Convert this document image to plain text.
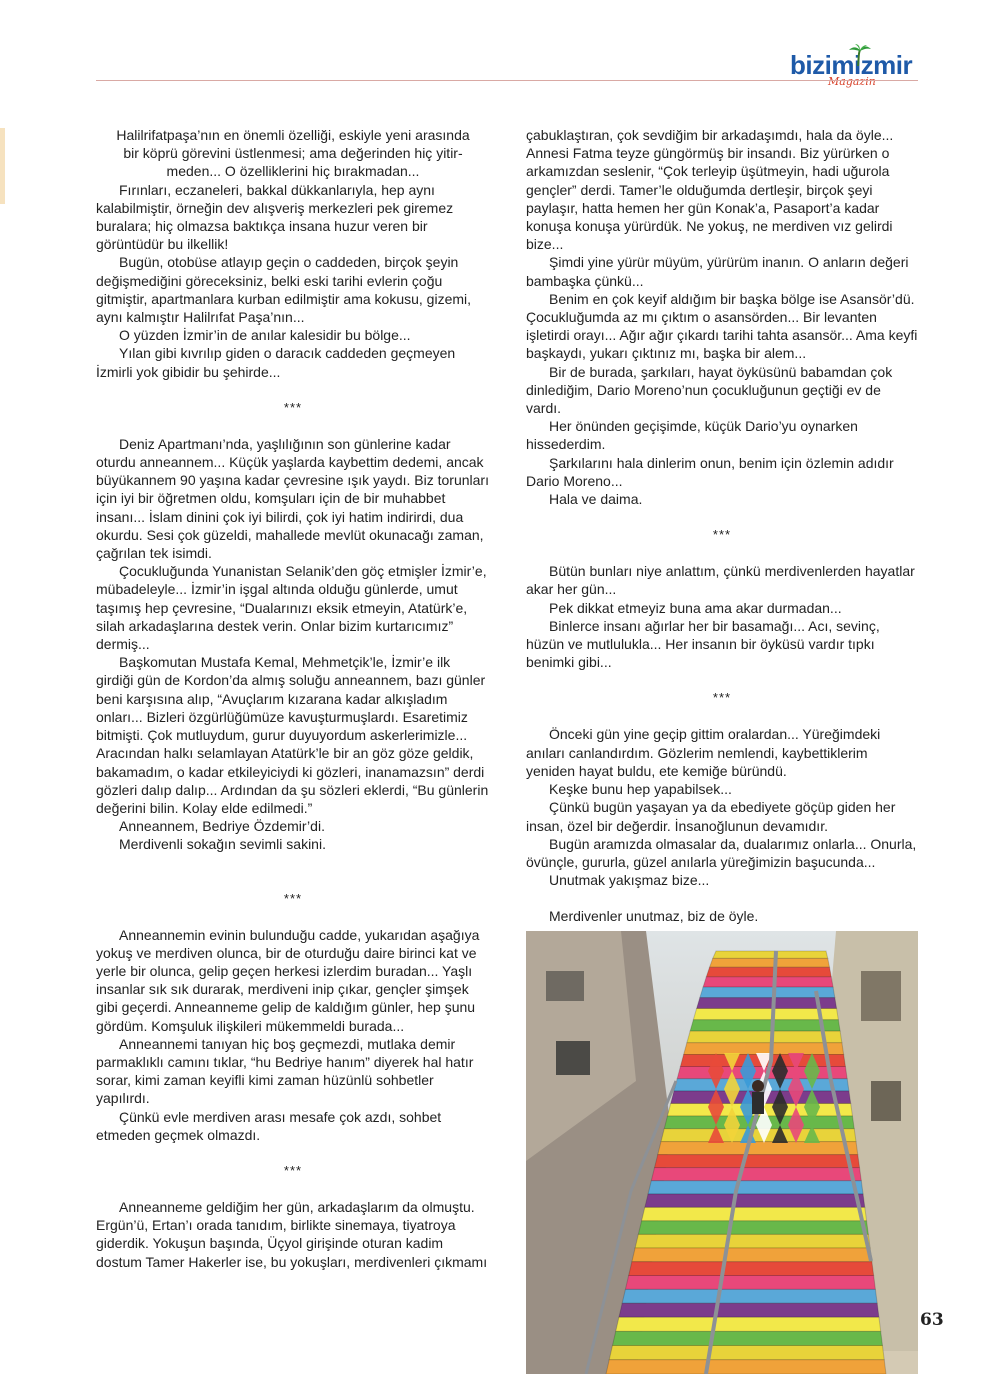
bizimizmir
Magazin

Halilrifatpaşa’nın en önemli özelliği, eskiyle yeni arasında

bir köprü görevini üstlenmesi; ama değerinden hiç yitir-

meden... O özelliklerini hiç bırakmadan...

Fırınları, eczaneleri, bakkal dükkanlarıyla, hep aynı kalabilmiştir, örneğin dev alışveriş merkezleri pek giremez buralara; hiç olmazsa baktıkça insana huzur veren bir görüntüdür bu ilkellik!

Bugün, otobüse atlayıp geçin o caddeden, birçok şeyin değişmediğini göreceksiniz, belki eski tarihi evlerin çoğu gitmiştir, apartmanlara kurban edilmiştir ama kokusu, gizemi, aynı kalmıştır Halilrıfat Paşa’nın...

O yüzden İzmir’in de anılar kalesidir bu bölge...

Yılan gibi kıvrılıp giden o daracık caddeden geçmeyen İzmirli yok gibidir bu şehirde...

***

Deniz Apartmanı’nda, yaşlılığının son günlerine kadar oturdu anneannem... Küçük yaşlarda kaybettim dedemi, ancak büyükannem 90 yaşına kadar çevresine ışık yaydı. Biz torunları için iyi bir öğretmen oldu, komşuları için de bir muhabbet insanı... İslam dinini çok iyi bilirdi, çok iyi hatim indirirdi, dua okurdu. Sesi çok güzeldi, mahallede mevlüt okunacağı zaman, çağrılan tek isimdi.

Çocukluğunda Yunanistan Selanik’den göç etmişler İzmir’e, mübadeleyle... İzmir’in işgal altında olduğu günlerde, umut taşımış hep çevresine, “Dualarınızı eksik etmeyin, Atatürk’e, silah arkadaşlarına destek verin. Onlar bizim kurtarıcımız” dermiş...

Başkomutan Mustafa Kemal, Mehmetçik’le, İzmir’e ilk girdiği gün de Kordon’da almış soluğu anneannem, bazı günler beni karşısına alıp, “Avuçlarım kızarana kadar alkışladım onları... Bizleri özgürlüğümüze kavuşturmuşlardı. Esaretimiz bitmişti. Çok mutluydum, gurur duyuyordum askerlerimizle... Aracından halkı selamlayan Atatürk’le bir an göz göze geldik, bakamadım, o kadar etkileyiciydi ki gözleri, inanamazsın” derdi gözleri dalıp dalıp... Ardından da şu sözleri eklerdi, “Bu günlerin değerini bilin. Kolay elde edilmedi.”

Anneannem, Bedriye Özdemir’di.

Merdivenli sokağın sevimli sakini.

***

Anneannemin evinin bulunduğu cadde, yukarıdan aşağıya yokuş ve merdiven olunca, bir de oturduğu daire birinci kat ve yerle bir olunca, gelip geçen herkesi izlerdim buradan... Yaşlı insanlar sık sık durarak, merdiveni inip çıkar, gençler şimşek gibi geçerdi. Anneanneme gelip de kaldığım günler, hep şunu gördüm. Komşuluk ilişkileri mükemmeldi burada...

Anneannemi tanıyan hiç boş geçmezdi, mutlaka demir parmaklıklı camını tıklar, “hu Bedriye hanım” diyerek hal hatır sorar, kimi zaman keyifli kimi zaman hüzünlü sohbetler yapılırdı.

Çünkü evle merdiven arası mesafe çok azdı, sohbet etmeden geçmek olmazdı.

***

Anneanneme geldiğim her gün, arkadaşlarım da olmuştu. Ergün’ü, Ertan’ı orada tanıdım, birlikte sinemaya, tiyatroya giderdik. Yokuşun başında, Üçyol girişinde oturan kadim dostum Tamer Hakerler ise, bu yokuşları, merdivenleri çıkmamı

çabuklaştıran, çok sevdiğim bir arkadaşımdı, hala da öyle... Annesi Fatma teyze güngörmüş bir insandı. Biz yürürken o arkamızdan seslenir, “Çok terleyip üşütmeyin, hadi uğurola gençler” derdi. Tamer’le olduğumda dertleşir, birçok şeyi paylaşır, hatta hemen her gün Konak’a, Pasaport’a kadar konuşa konuşa yürürdük. Ne yokuş, ne merdiven vız gelirdi bize...

Şimdi yine yürür müyüm, yürürüm inanın. O anların değeri bambaşka çünkü...

Benim en çok keyif aldığım bir başka bölge ise Asansör’dü. Çocukluğumda az mı çıktım o asansörden... Bir levanten işletirdi orayı... Ağır ağır çıkardı tarihi tahta asansör... Ama keyfi başkaydı, yukarı çıktınız mı, başka bir alem...

Bir de burada, şarkıları, hayat öyküsünü babamdan çok dinlediğim, Dario Moreno’nun çocukluğunun geçtiği ev de vardı.

Her önünden geçişimde, küçük Dario’yu oynarken hissederdim.

Şarkılarını hala dinlerim onun, benim için özlemin adıdır Dario Moreno...

Hala ve daima.

***

Bütün bunları niye anlattım, çünkü merdivenlerden hayatlar akar her gün...

Pek dikkat etmeyiz buna ama akar durmadan...

Binlerce insanı ağırlar her bir basamağı... Acı, sevinç, hüzün ve mutlulukla... Her insanın bir öyküsü vardır tıpkı benimki gibi...

***

Önceki gün yine geçip gittim oralardan... Yüreğimdeki anıları canlandırdım. Gözlerim nemlendi, kaybettiklerim yeniden hayat buldu, ete kemiğe büründü.

Keşke bunu hep yapabilsek...

Çünkü bugün yaşayan ya da ebediyete göçüp giden her insan, özel bir değerdir. İnsanoğlunun devamıdır.

Bugün aramızda olmasalar da, dualarımız onlarla... Onurla, övünçle, gururla, güzel anılarla yüreğimizin başucunda...

Unutmak yakışmaz bize...

Merdivenler unutmaz, biz de öyle.

63
